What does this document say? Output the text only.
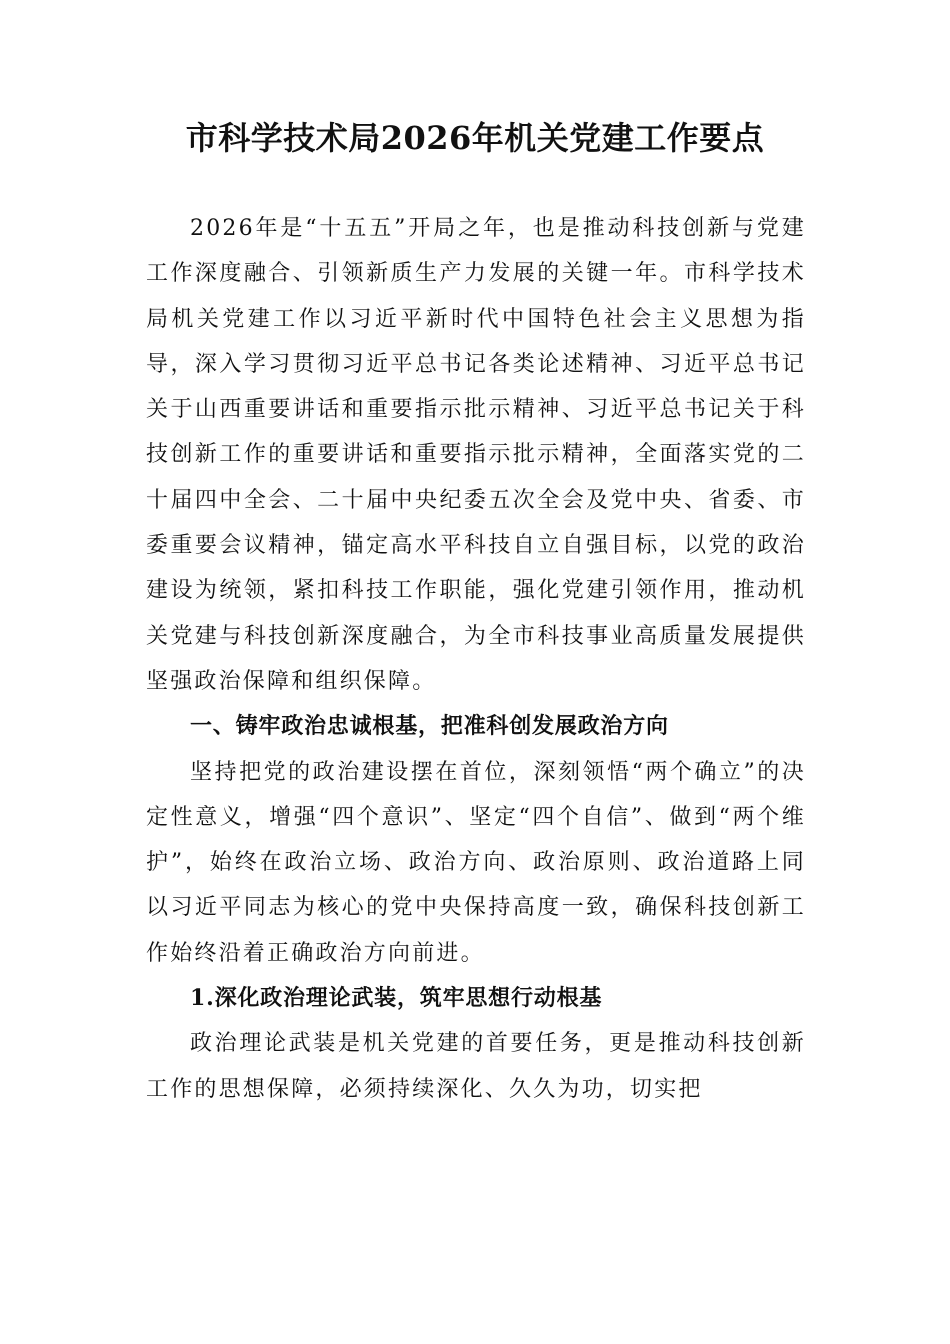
市科学技术局2026年机关党建工作要点

2026年是“十五五”开局之年，也是推动科技创新与党建工作深度融合、引领新质生产力发展的关键一年。市科学技术局机关党建工作以习近平新时代中国特色社会主义思想为指导，深入学习贯彻习近平总书记各类论述精神、习近平总书记关于山西重要讲话和重要指示批示精神、习近平总书记关于科技创新工作的重要讲话和重要指示批示精神，全面落实党的二十届四中全会、二十届中央纪委五次全会及党中央、省委、市委重要会议精神，锚定高水平科技自立自强目标，以党的政治建设为统领，紧扣科技工作职能，强化党建引领作用，推动机关党建与科技创新深度融合，为全市科技事业高质量发展提供坚强政治保障和组织保障。

一、铸牢政治忠诚根基，把准科创发展政治方向

坚持把党的政治建设摆在首位，深刻领悟“两个确立”的决定性意义，增强“四个意识”、坚定“四个自信”、做到“两个维护”，始终在政治立场、政治方向、政治原则、政治道路上同以习近平同志为核心的党中央保持高度一致，确保科技创新工作始终沿着正确政治方向前进。

1.深化政治理论武装，筑牢思想行动根基

政治理论武装是机关党建的首要任务，更是推动科技创新工作的思想保障，必须持续深化、久久为功，切实把
